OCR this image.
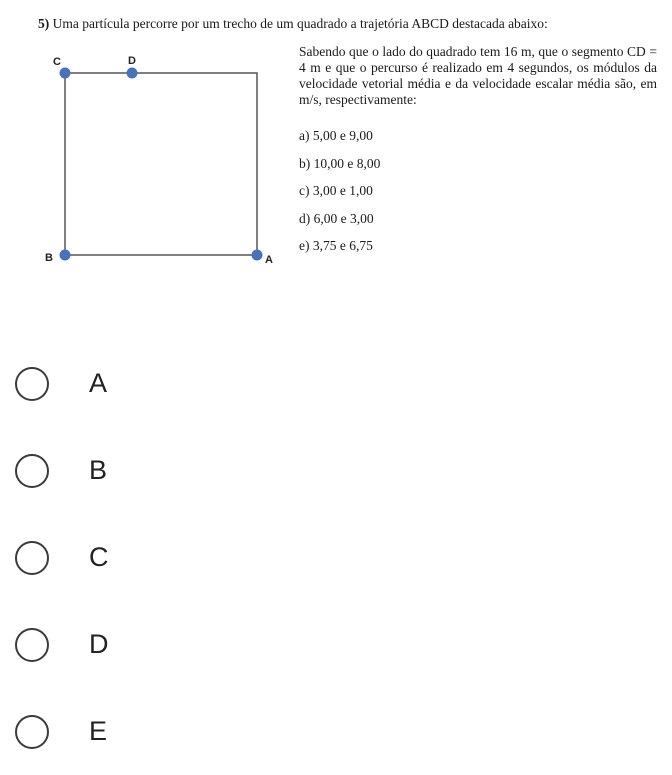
5) Uma partícula percorre por um trecho de um quadrado a trajetória ABCD destacada abaixo:
C	D
B	A

Sabendo que o lado do quadrado tem 16 m, que o segmento CD = 4 m e que o percurso é realizado em 4 segundos, os módulos da velocidade vetorial média e da velocidade escalar média são, em m/s, respectivamente:

a) 5,00 e 9,00
b) 10,00 e 8,00
c) 3,00 e 1,00
d) 6,00 e 3,00
e) 3,75 e 6,75
A
B
C
D
E
